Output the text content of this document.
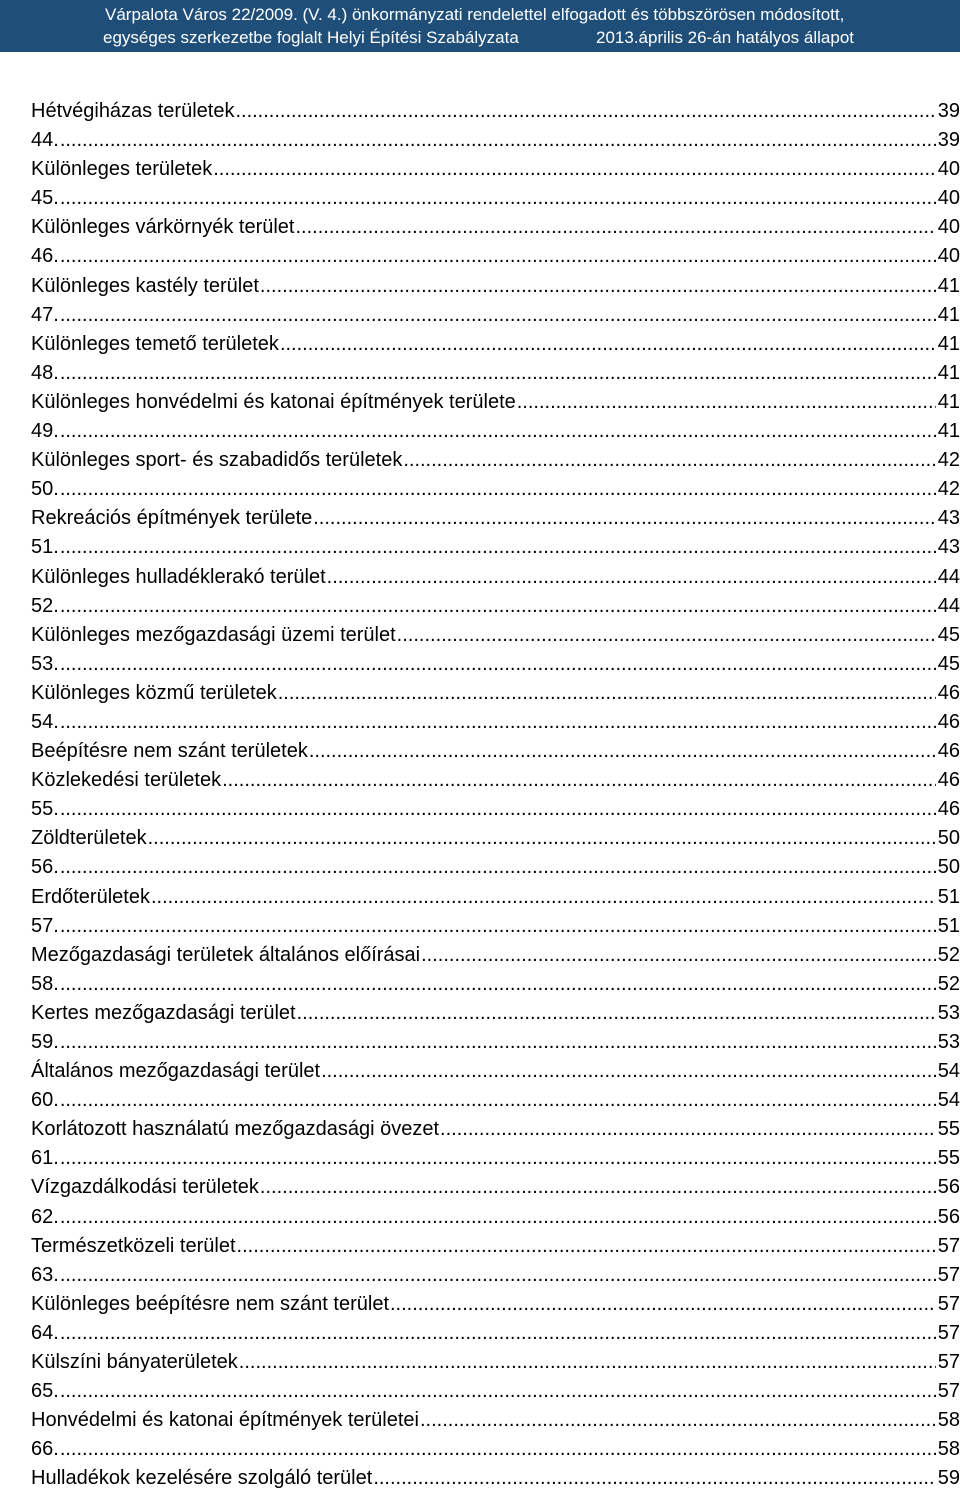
Várpalota Város 22/2009. (V. 4.) önkormányzati rendelettel elfogadott és többszörösen módosított,
egységes szerkezetbe foglalt Helyi Építési Szabályzata	2013.április 26-án hatályos állapot
Hétvégiházas területek .....	39
44. .....	39
Különleges területek .....	40
45. .....	40
Különleges várkörnyék terület .....	40
46. .....	40
Különleges kastély terület .....	41
47. .....	41
Különleges temető területek .....	41
48. .....	41
Különleges honvédelmi és katonai építmények területe .....	41
49. .....	41
Különleges sport- és szabadidős területek .....	42
50. .....	42
Rekreációs építmények területe .....	43
51. .....	43
Különleges hulladéklerakó terület .....	44
52. .....	44
Különleges mezőgazdasági üzemi terület .....	45
53. .....	45
Különleges közmű területek .....	46
54. .....	46
Beépítésre nem szánt területek .....	46
Közlekedési területek .....	46
55. .....	46
Zöldterületek .....	50
56. .....	50
Erdőterületek .....	51
57. .....	51
Mezőgazdasági területek általános előírásai .....	52
58. .....	52
Kertes mezőgazdasági terület .....	53
59. .....	53
Általános mezőgazdasági terület .....	54
60. .....	54
Korlátozott használatú mezőgazdasági övezet .....	55
61. .....	55
Vízgazdálkodási területek .....	56
62. .....	56
Természetközeli terület .....	57
63. .....	57
Különleges beépítésre nem szánt terület .....	57
64. .....	57
Külszíni bányaterületek .....	57
65. .....	57
Honvédelmi és katonai építmények területei .....	58
66. .....	58
Hulladékok kezelésére szolgáló terület .....	59
